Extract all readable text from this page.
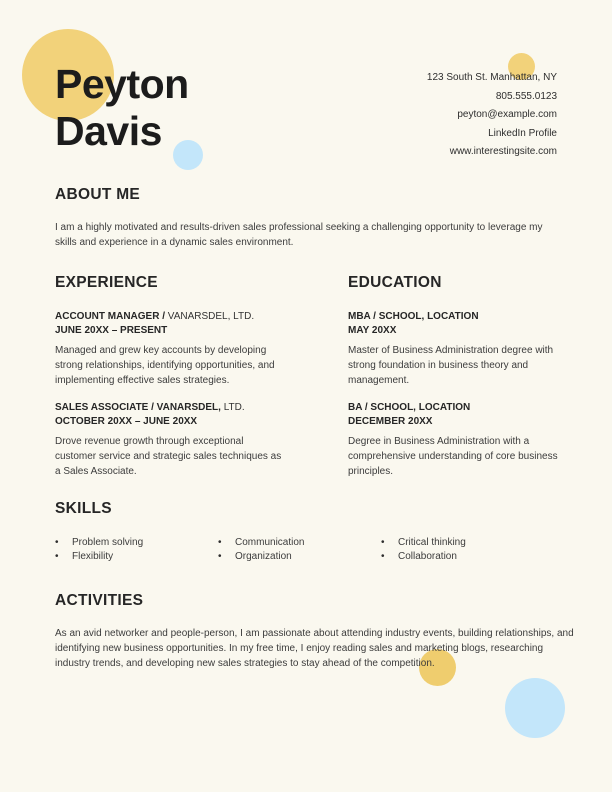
Peyton
Davis
123 South St. Manhattan, NY
805.555.0123
peyton@example.com
LinkedIn Profile
www.interestingsite.com
ABOUT ME

I am a highly motivated and results-driven sales professional seeking a challenging opportunity to leverage my skills and experience in a dynamic sales environment.

EXPERIENCE
ACCOUNT MANAGER / VANARSDEL, LTD.
JUNE 20XX – PRESENT

Managed and grew key accounts by developing strong relationships, identifying opportunities, and implementing effective sales strategies.

SALES ASSOCIATE / VANARSDEL, LTD.
OCTOBER 20XX – JUNE 20XX

Drove revenue growth through exceptional customer service and strategic sales techniques as a Sales Associate.

EDUCATION
MBA / SCHOOL, LOCATION
MAY 20XX

Master of Business Administration degree with strong foundation in business theory and management.

BA / SCHOOL, LOCATION
DECEMBER 20XX

Degree in Business Administration with a comprehensive understanding of core business principles.

SKILLS
•	Problem solving
•	Flexibility
•	Communication
•	Organization
•	Critical thinking
•	Collaboration
ACTIVITIES

As an avid networker and people-person, I am passionate about attending industry events, building relationships, and identifying new business opportunities. In my free time, I enjoy reading sales and marketing blogs, researching industry trends, and developing new sales strategies to stay ahead of the competition.
